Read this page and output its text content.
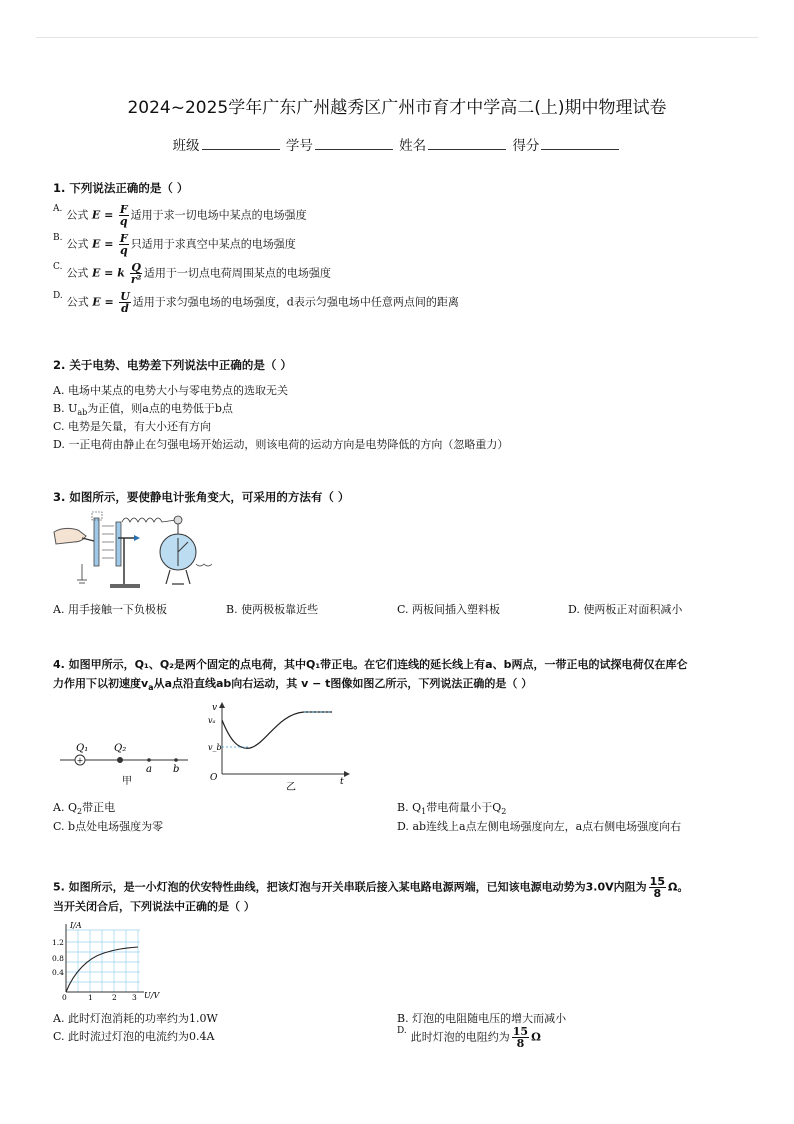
2024~2025学年广东广州越秀区广州市育才中学高二(上)期中物理试卷
班级	学号	姓名	得分
1. 下列说法正确的是（ ）
$^{A.}$ 公式 $E = \frac{F}{q}$ 适用于求一切电场中某点的电场强度
$^{B.}$ 公式 $E = \frac{F}{q}$ 只适用于求真空中某点的电场强度
$^{C.}$ 公式 E = k $\frac{Q}{\text{r²}}$ 适用于一切点电荷周围某点的电场强度
$^{D.}$ 公式 $E = \frac{U}{d}$ 适用于求匀强电场的电场强度，d表示匀强电场中任意两点间的距离
2. 关于电势、电势差下列说法中正确的是（ ）
A. 电场中某点的电势大小与零电势点的选取无关
B. $U_{ab}$为正值，则a点的电势低于b点
C. 电势是矢量，有大小还有方向
D. 一正电荷由静止在匀强电场开始运动，则该电荷的运动方向是电势降低的方向（忽略重力）
3. 如图所示，要使静电计张角变大，可采用的方法有（ ）
A. 用手接触一下负极板	B. 使两极板靠近些	C. 两板间插入塑料板	D. 使两板正对面积减小
4. 如图甲所示，Q₁、Q₂是两个固定的点电荷，其中Q₁带正电。在它们连线的延长线上有a、b两点，一带正电的试探电荷仅在库仑
力作用下以初速度$v_a$从a点沿直线ab向右运动，其 v − t图像如图乙所示，下列说法正确的是（ ）
+
Q₁	Q₂
a b
甲
v
vₐ
v_b
O	t
乙
A. $Q_2$带正电	B. $Q_1$带电荷量小于$Q_2$
C. b点处电场强度为零	D. ab连线上a点左侧电场强度向左，a点右侧电场强度向右
5. 如图所示，是一小灯泡的伏安特性曲线，把该灯泡与开关串联后接入某电路电源两端，已知该电源电动势为3.0V内阻为 $\frac{15}{8}$ Ω。
当开关闭合后，下列说法中正确的是（ ）
I/A
U/V
1.2
0.8
0.4
0	1	2 3
A. 此时灯泡消耗的功率约为1.0W	B. 灯泡的电阻随电压的增大而减小
C. 此时流过灯泡的电流约为0.4A	$^{D.}$ 此时灯泡的电阻约为 $\frac{15}{8}$ Ω
